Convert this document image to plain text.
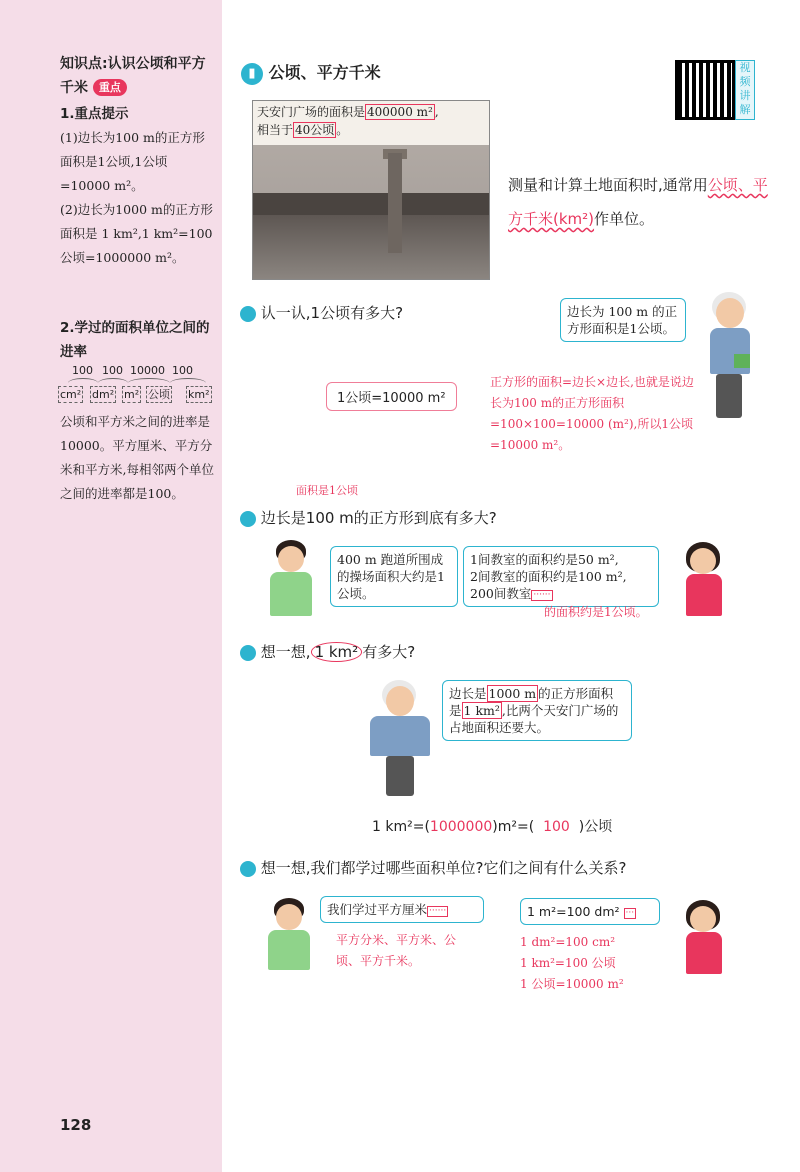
知识点:认识公顷和平方千米 重点
1.重点提示
(1)边长为100 m的正方形面积是1公顷,1公顷=10000 m²。
(2)边长为1000 m的正方形面积是 1 km²,1 km²=100公顷=1000000 m²。
2.学过的面积单位之间的进率
100 100 10000 100
cm² dm² m² 公顷 km²
公顷和平方米之间的进率是10000。平方厘米、平方分米和平方米,每相邻两个单位之间的进率都是100。
128
▮ 公顷、平方千米	视频讲解
天安门广场的面积是 400000 m² ,
相当于 40公顷 。
测量和计算土地面积时,通常用公顷、平方千米(km²)作单位。
认一认,1公顷有多大?	边长为 100 m 的正方形面积是1公顷。
1公顷=10000 m²
正方形的面积=边长×边长,也就是说边长为100 m的正方形面积=100×100=10000 (m²),所以1公顷=10000 m²。
面积是1公顷
边长是100 m的正方形到底有多大?
400 m 跑道所围成的操场面积大约是1公顷。
1间教室的面积约是50 m²,
2间教室的面积约是100 m²,
200间教室 ······
的面积约是1公顷。
想一想, 1 km² 有多大?
边长是 1000 m 的正方形面积是 1 km² ,比两个天安门广场的占地面积还要大。
1 km²=(1000000)m²=( 100 )公顷
想一想,我们都学过哪些面积单位?它们之间有什么关系?
我们学过平方厘米 ······
平方分米、平方米、公顷、平方千米。
1 m²=100 dm² ···
1 dm²=100 cm²
1 km²=100 公顷
1 公顷=10000 m²
